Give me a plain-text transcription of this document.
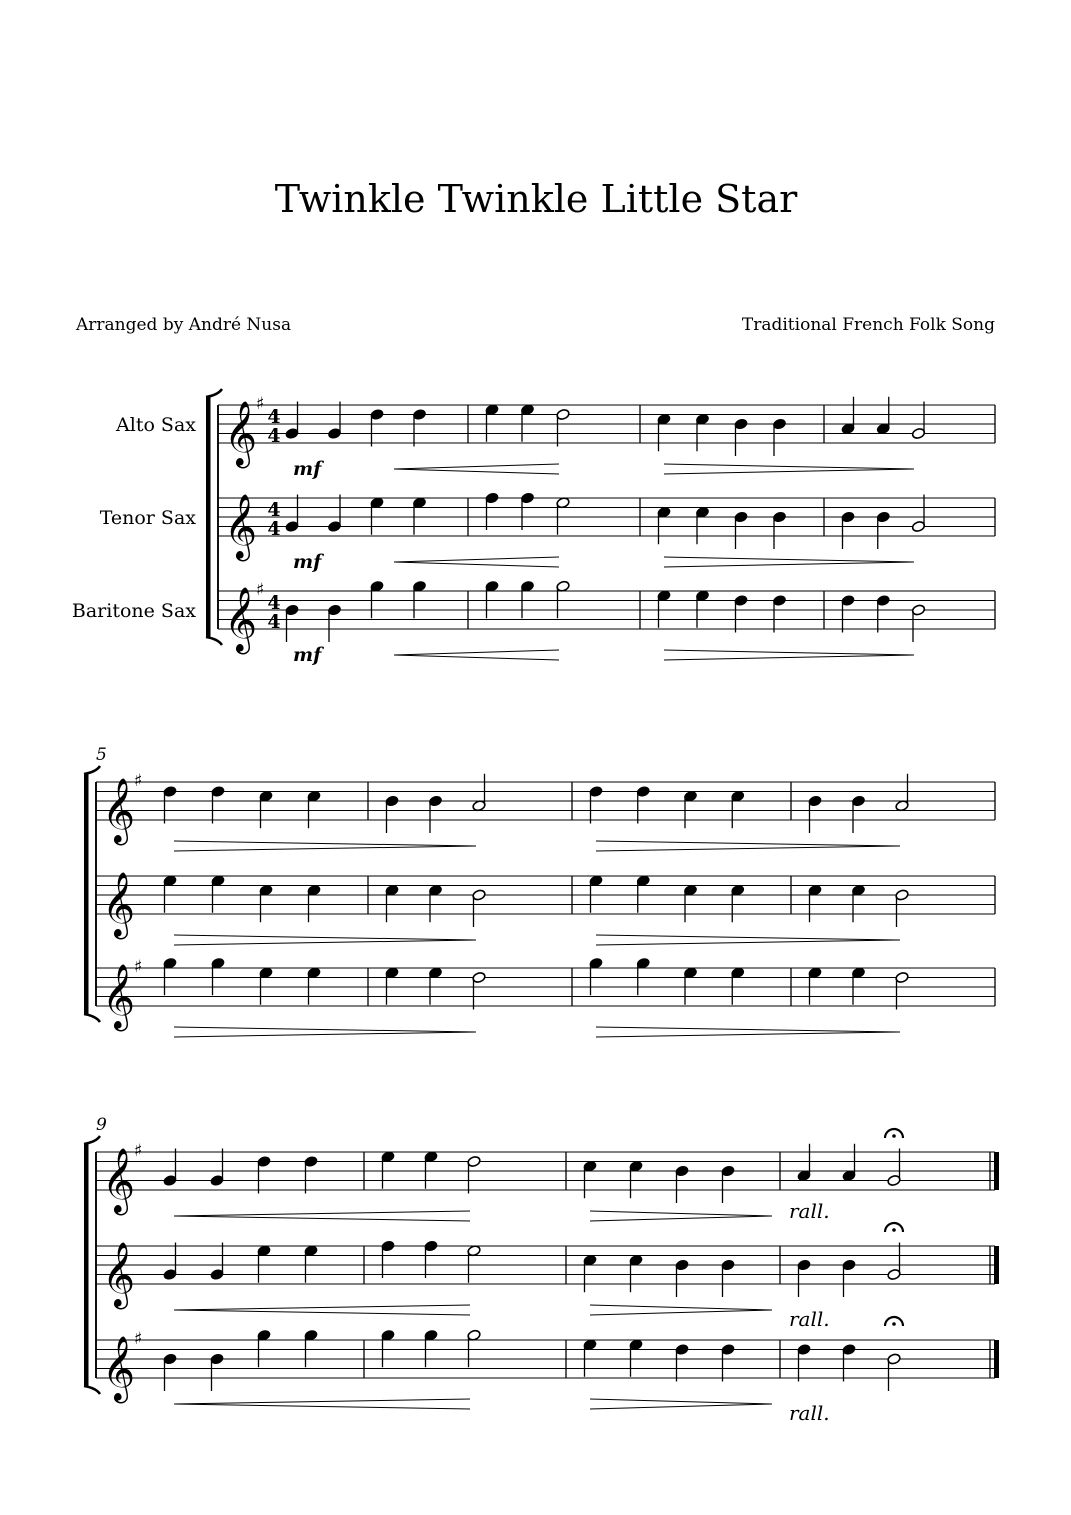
Twinkle Twinkle Little Star
Arranged by André Nusa	Traditional French Folk Song
𝄞
♯
4
4
mf
𝄞 4
4
mf
𝄞
♯
4
4
mf
Alto Sax
Tenor Sax
Baritone Sax
5
𝄞
♯
𝄞
𝄞
♯
9
𝄞
♯
rall.
𝄞
rall.
𝄞
♯
rall.
